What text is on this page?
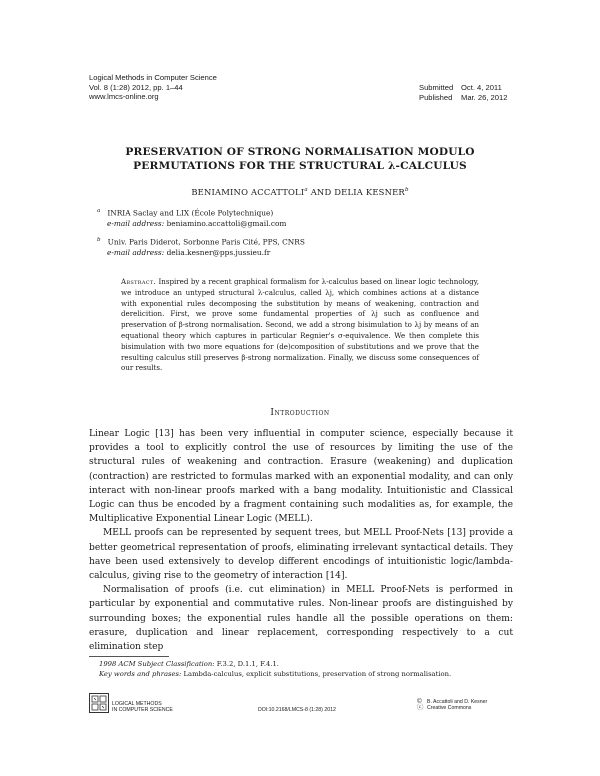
Logical Methods in Computer Science
Vol. 8 (1:28) 2012, pp. 1–44
www.lmcs-online.org
Submitted Oct. 4, 2011
Published Mar. 26, 2012
PRESERVATION OF STRONG NORMALISATION MODULO
PERMUTATIONS FOR THE STRUCTURAL λ-CALCULUS
BENIAMINO ACCATTOLI$^a$ AND DELIA KESNER$^b$
$^a$ INRIA Saclay and LIX (École Polytechnique)
e-mail address: beniamino.accattoli@gmail.com
$^b$ Univ. Paris Diderot, Sorbonne Paris Cité, PPS, CNRS
e-mail address: delia.kesner@pps.jussieu.fr
Abstract. Inspired by a recent graphical formalism for λ-calculus based on linear logic technology, we introduce an untyped structural λ-calculus, called λj, which combines actions at a distance with exponential rules decomposing the substitution by means of weakening, contraction and derelicition. First, we prove some fundamental properties of λj such as confluence and preservation of β-strong normalisation. Second, we add a strong bisimulation to λj by means of an equational theory which captures in particular Regnier's σ-equivalence. We then complete this bisimulation with two more equations for (de)composition of substitutions and we prove that the resulting calculus still preserves β-strong normalization. Finally, we discuss some consequences of our results.
Introduction

Linear Logic [13] has been very influential in computer science, especially because it provides a tool to explicitly control the use of resources by limiting the use of the structural rules of weakening and contraction. Erasure (weakening) and duplication (contraction) are restricted to formulas marked with an exponential modality, and can only interact with non-linear proofs marked with a bang modality. Intuitionistic and Classical Logic can thus be encoded by a fragment containing such modalities as, for example, the Multiplicative Exponential Linear Logic (MELL).

MELL proofs can be represented by sequent trees, but MELL Proof-Nets [13] provide a better geometrical representation of proofs, eliminating irrelevant syntactical details. They have been used extensively to develop different encodings of intuitionistic logic/lambda-calculus, giving rise to the geometry of interaction [14].

Normalisation of proofs (i.e. cut elimination) in MELL Proof-Nets is performed in particular by exponential and commutative rules. Non-linear proofs are distinguished by surrounding boxes; the exponential rules handle all the possible operations on them: erasure, duplication and linear replacement, corresponding respectively to a cut elimination step

1998 ACM Subject Classification: F.3.2, D.1.1, F.4.1.
Key words and phrases: Lambda-calculus, explicit substitutions, preservation of strong normalisation.
LOGICAL METHODS
IN COMPUTER SCIENCE	DOI:10.2168/LMCS-8 (1:28) 2012
© B. Accattoli and D. Kesner
ⓒ Creative Commons
